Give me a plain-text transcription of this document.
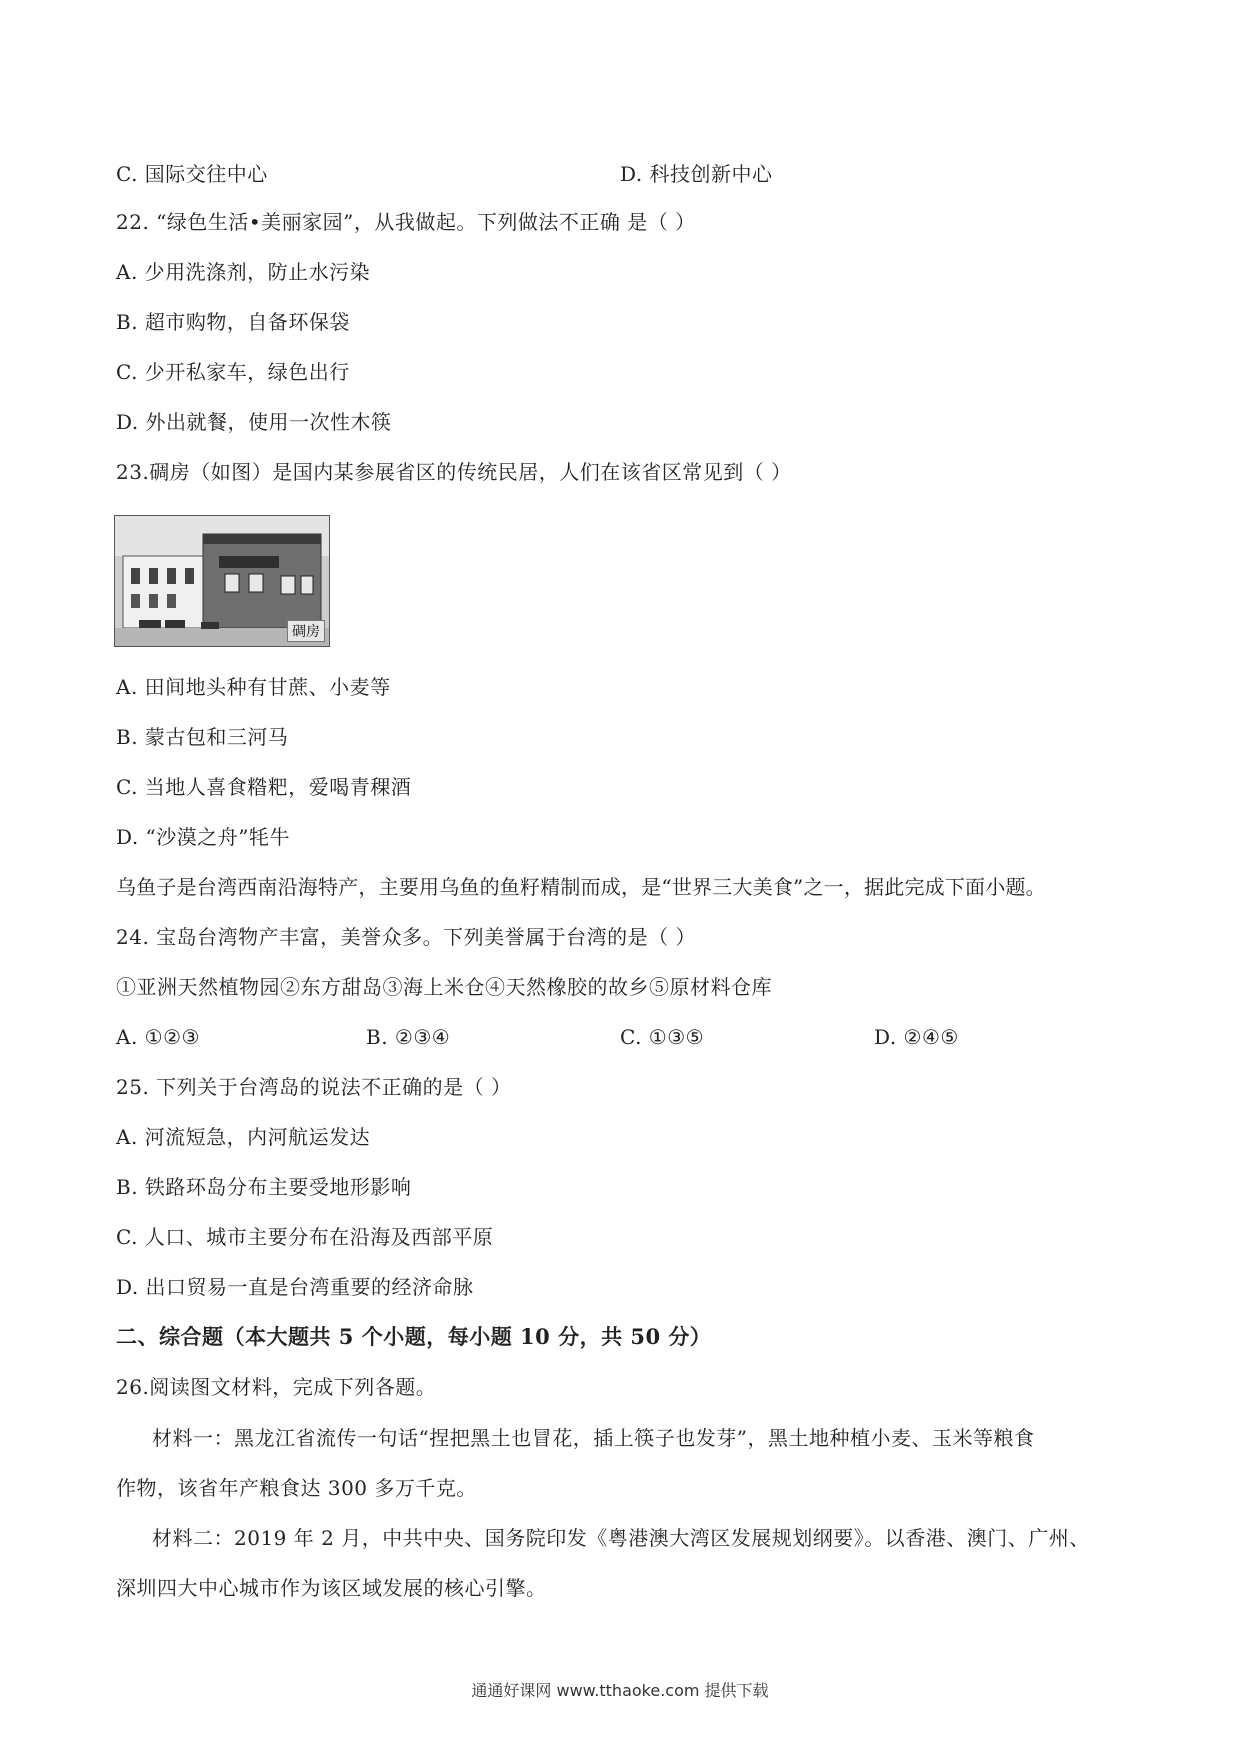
C. 国际交往中心	D. 科技创新中心
22. “绿色生活•美丽家园”，从我做起。下列做法不正确 是（ ）
A. 少用洗涤剂，防止水污染
B. 超市购物，自备环保袋
C. 少开私家车，绿色出行
D. 外出就餐，使用一次性木筷
23.碉房（如图）是国内某参展省区的传统民居，人们在该省区常见到（ ）
碉房
A. 田间地头种有甘蔗、小麦等
B. 蒙古包和三河马
C. 当地人喜食糌粑，爱喝青稞酒
D. “沙漠之舟”牦牛
乌鱼子是台湾西南沿海特产，主要用乌鱼的鱼籽精制而成，是“世界三大美食”之一，据此完成下面小题。
24. 宝岛台湾物产丰富，美誉众多。下列美誉属于台湾的是（ ）
①亚洲天然植物园②东方甜岛③海上米仓④天然橡胶的故乡⑤原材料仓库
A. ①②③	B. ②③④	C. ①③⑤	D. ②④⑤
25. 下列关于台湾岛的说法不正确的是（ ）
A. 河流短急，内河航运发达
B. 铁路环岛分布主要受地形影响
C. 人口、城市主要分布在沿海及西部平原
D. 出口贸易一直是台湾重要的经济命脉
二、综合题（本大题共 5 个小题，每小题 10 分，共 50 分）
26.阅读图文材料，完成下列各题。
材料一：黑龙江省流传一句话“捏把黑土也冒花，插上筷子也发芽”，黑土地种植小麦、玉米等粮食
作物，该省年产粮食达 300 多万千克。
材料二：2019 年 2 月，中共中央、国务院印发《粤港澳大湾区发展规划纲要》。以香港、澳门、广州、
深圳四大中心城市作为该区域发展的核心引擎。
通通好课网 www.tthaoke.com 提供下载
